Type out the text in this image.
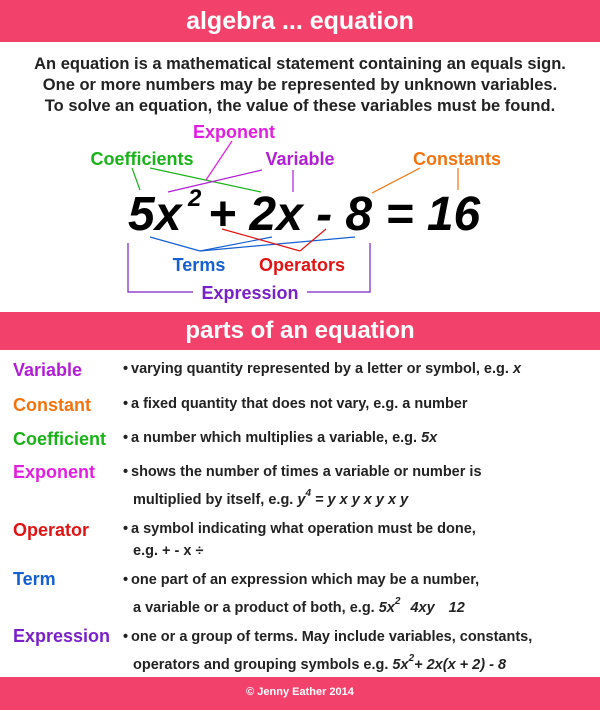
algebra ... equation
An equation is a mathematical statement containing an equals sign.
One or more numbers may be represented by unknown variables.
To solve an equation, the value of these variables must be found.
5x 2 + 2x - 8 = 16
Exponent
Coefficients	Variable	Constants
Terms Operators
Expression
parts of an equation
Variable	• varying quantity represented by a letter or symbol, e.g. x
Constant • a fixed quantity that does not vary, e.g. a number
Coefficient • a number which multiplies a variable, e.g. 5x
Exponent • shows the number of times a variable or number is
multiplied by itself, e.g. $y^4 = y$ x y x y x y
Operator • a symbol indicating what operation must be done,
e.g. + - x ÷
Term	• one part of an expression which may be a number,
a variable or a product of both, e.g. $5x^2$ 4xy 12
Expression • one or a group of terms. May include variables, constants,
operators and grouping symbols e.g. $5x^2+ 2x(x + 2) - 8$
© Jenny Eather 2014
